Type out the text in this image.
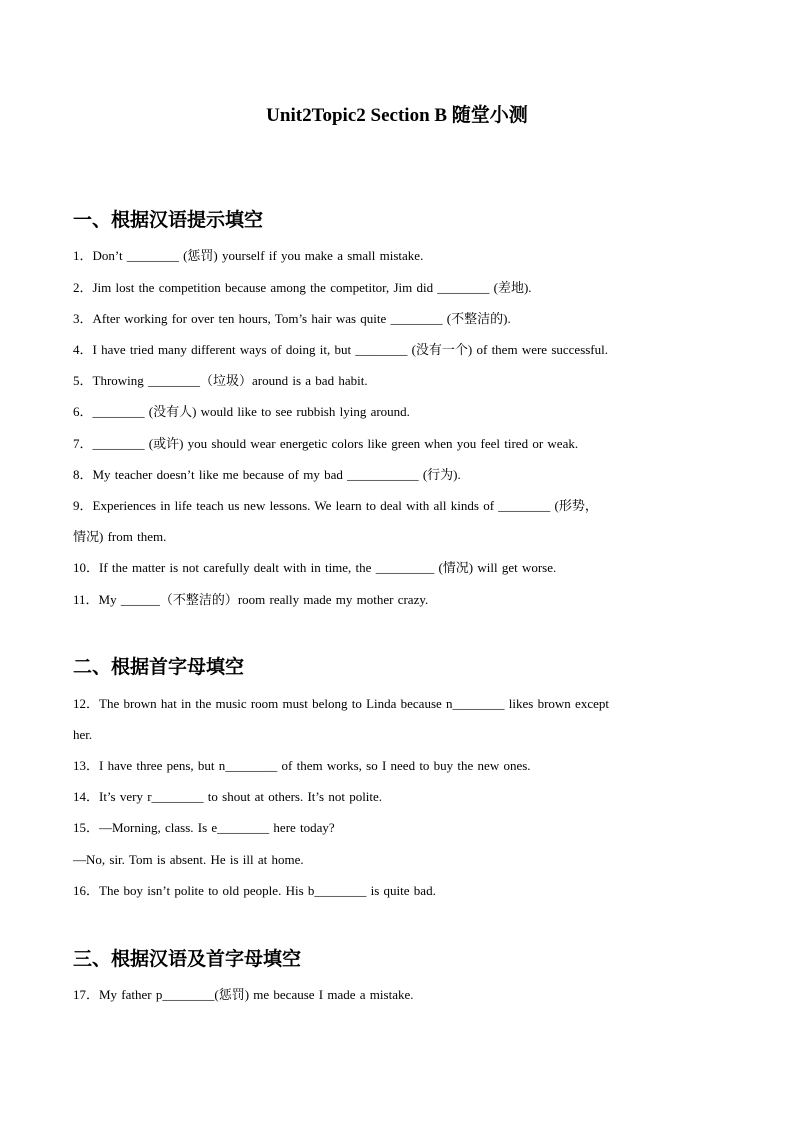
Unit2Topic2 Section B 随堂小测
一、根据汉语提示填空
1．Don’t ________ (惩罚) yourself if you make a small mistake.
2．Jim lost the competition because among the competitor, Jim did ________ (差地).
3．After working for over ten hours, Tom’s hair was quite ________ (不整洁的).
4．I have tried many different ways of doing it, but ________ (没有一个) of them were successful.
5．Throwing ________（垃圾）around is a bad habit.
6．________ (没有人) would like to see rubbish lying around.
7．________ (或许) you should wear energetic colors like green when you feel tired or weak.
8．My teacher doesn’t like me because of my bad ___________ (行为).
9．Experiences in life teach us new lessons. We learn to deal with all kinds of ________ (形势，
情况) from them.
10．If the matter is not carefully dealt with in time, the _________ (情况) will get worse.
11．My ______（不整洁的）room really made my mother crazy.
二、根据首字母填空
12．The brown hat in the music room must belong to Linda because n________ likes brown except
her.
13．I have three pens, but n________ of them works, so I need to buy the new ones.
14．It’s very r________ to shout at others. It’s not polite.
15．—Morning, class. Is e________ here today?
—No, sir. Tom is absent. He is ill at home.
16．The boy isn’t polite to old people. His b________ is quite bad.
三、根据汉语及首字母填空
17．My father p________(惩罚) me because I made a mistake.
